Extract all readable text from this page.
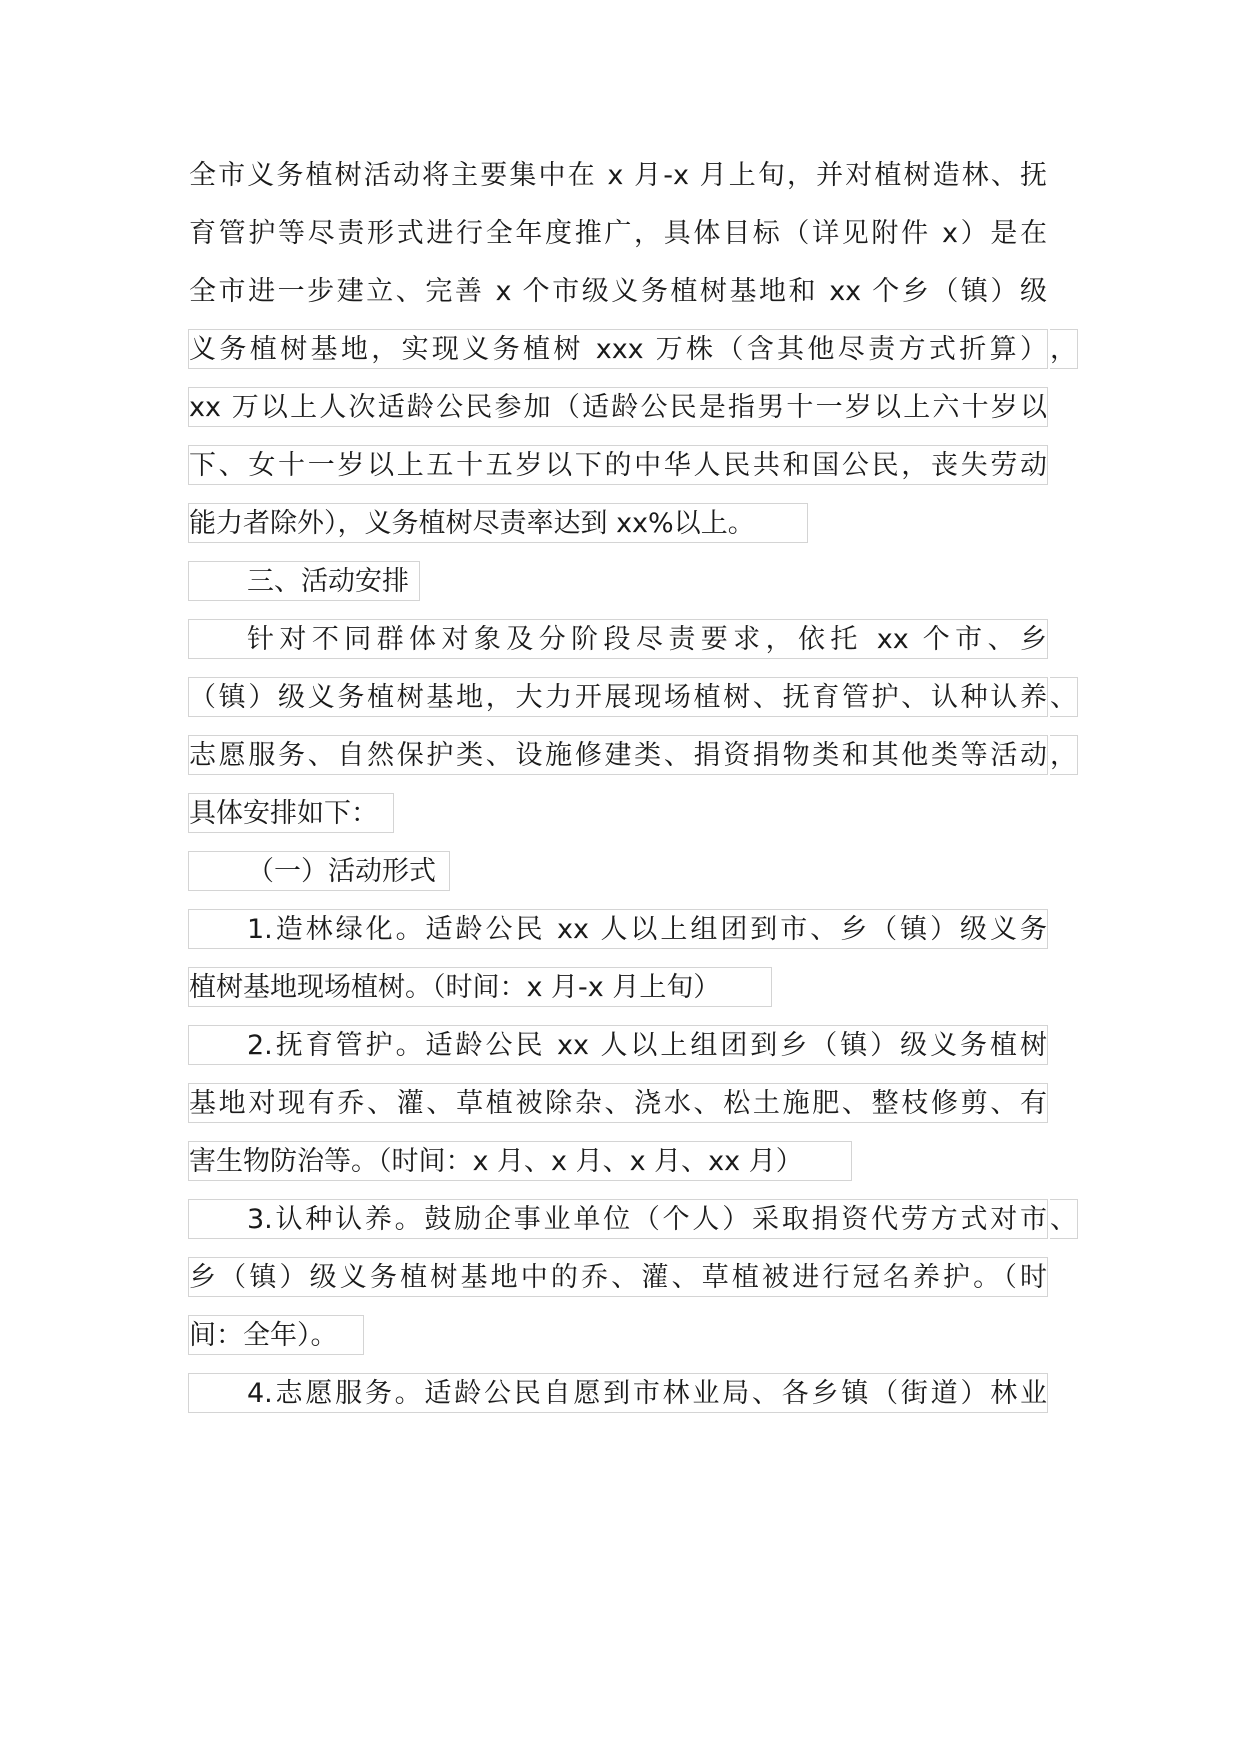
全市义务植树活动将主要集中在 x 月-x 月上旬，并对植树造林、抚
育管护等尽责形式进行全年度推广，具体目标（详见附件 x）是在
全市进一步建立、完善 x 个市级义务植树基地和 xx 个乡（镇）级
义务植树基地，实现义务植树 xxx 万株（含其他尽责方式折算） ，
xx 万以上人次适龄公民参加（适龄公民是指男十一岁以上六十岁以
下、女十一岁以上五十五岁以下的中华人民共和国公民，丧失劳动
能力者除外），义务植树尽责率达到 xx%以上。
三、活动安排
针对不同群体对象及分阶段尽责要求，依托 xx 个市、乡
（镇）级义务植树基地，大力开展现场植树、抚育管护、认种认养 、
志愿服务、自然保护类、设施修建类、捐资捐物类和其他类等活动 ，
具体安排如下：
（一）活动形式
1.造林绿化。适龄公民 xx 人以上组团到市、乡（镇）级义务
植树基地现场植树。（时间：x 月-x 月上旬）
2.抚育管护。适龄公民 xx 人以上组团到乡（镇）级义务植树
基地对现有乔、灌、草植被除杂、浇水、松土施肥、整枝修剪、有
害生物防治等。（时间：x 月、x 月、x 月、xx 月）
3.认种认养。鼓励企事业单位（个人）采取捐资代劳方式对市 、
乡（镇）级义务植树基地中的乔、灌、草植被进行冠名养护。（时
间：全年）。
4.志愿服务。适龄公民自愿到市林业局、各乡镇（街道）林业
